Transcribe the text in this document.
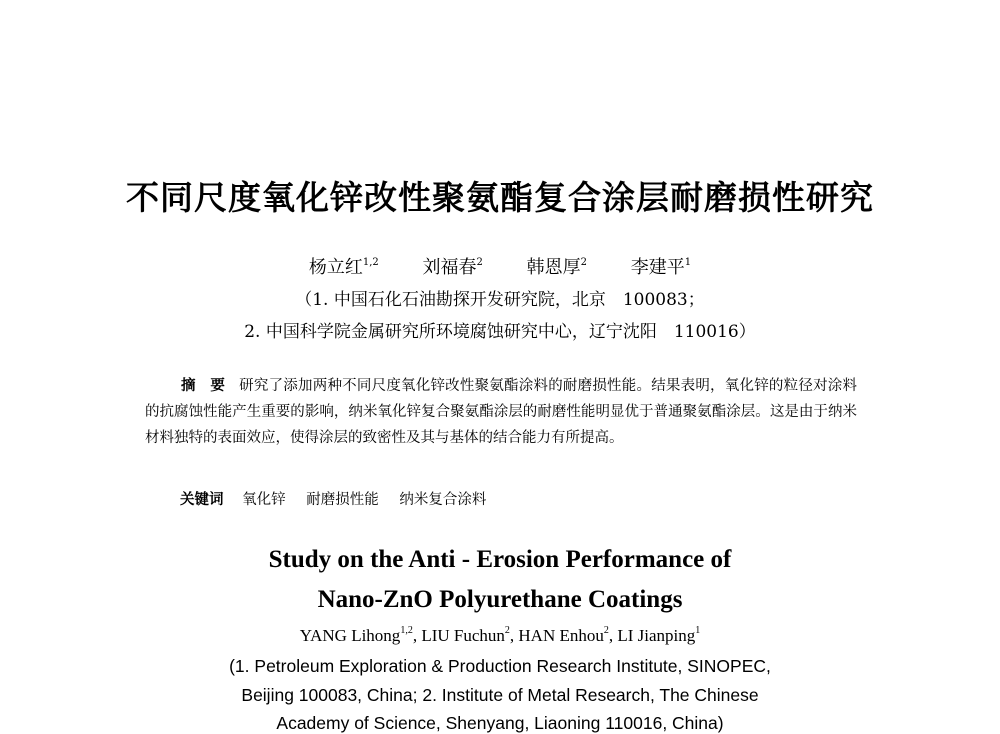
不同尺度氧化锌改性聚氨酯复合涂层耐磨损性研究
杨立红$^{1,2}$ 刘福春$^2$ 韩恩厚$^2$ 李建平$^1$
（1. 中国石化石油勘探开发研究院，北京　100083；
2. 中国科学院金属研究所环境腐蚀研究中心，辽宁沈阳　110016）
摘　要 研究了添加两种不同尺度氧化锌改性聚氨酯涂料的耐磨损性能。结果表明，氧化锌的粒径对涂料的抗腐蚀性能产生重要的影响，纳米氧化锌复合聚氨酯涂层的耐磨性能明显优于普通聚氨酯涂层。这是由于纳米材料独特的表面效应，使得涂层的致密性及其与基体的结合能力有所提高。
关键词 氧化锌 耐磨损性能 纳米复合涂料
Study on the Anti - Erosion Performance of
Nano-ZnO Polyurethane Coatings
YANG Lihong$^{1,2}$, LIU Fuchun$^2$, HAN Enhou$^2$, LI Jianping$^1$
(1. Petroleum Exploration & Production Research Institute, SINOPEC,
Beijing 100083, China; 2. Institute of Metal Research, The Chinese
Academy of Science, Shenyang, Liaoning 110016, China)
